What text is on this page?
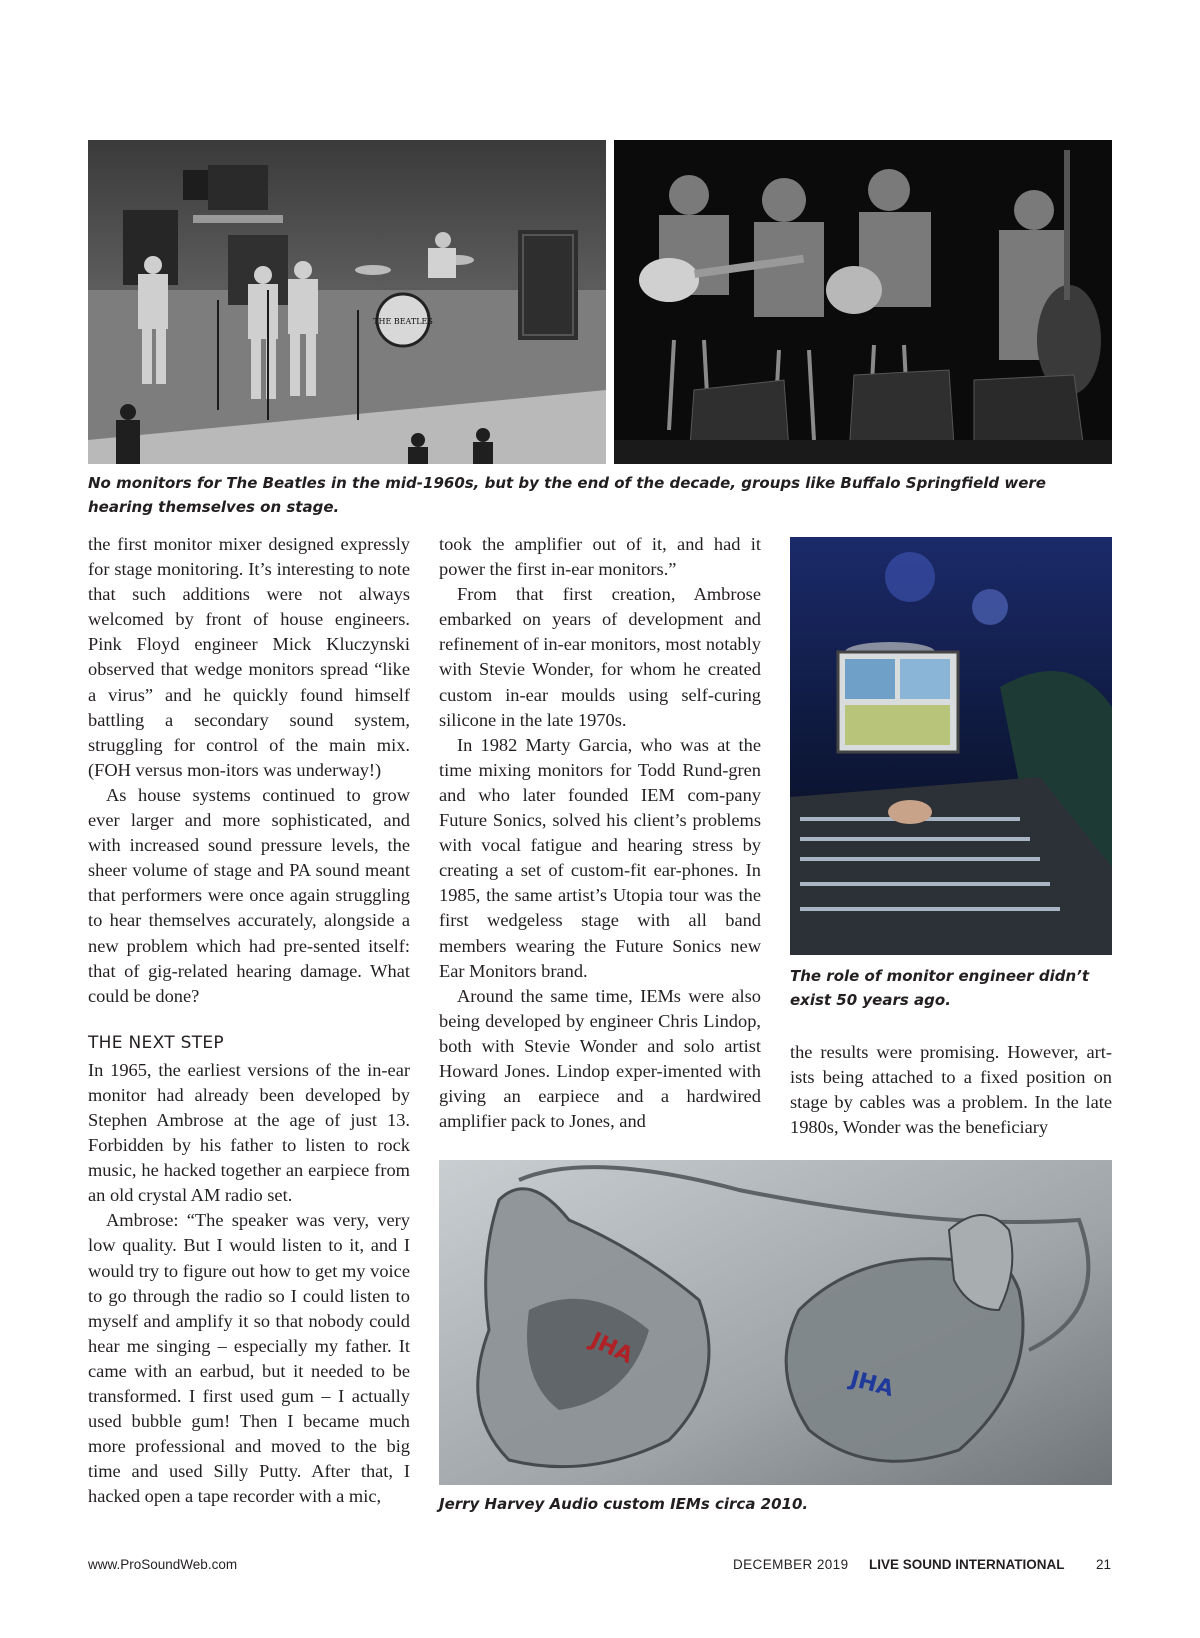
THE BEATLES

No monitors for The Beatles in the mid-1960s, but by the end of the decade, groups like Buffalo Springfield were hearing themselves on stage.

the first monitor mixer designed expressly for stage monitoring. It’s interesting to note that such additions were not always welcomed by front of house engineers. Pink Floyd engineer Mick Kluczynski observed that wedge monitors spread “like a virus” and he quickly found himself battling a secondary sound system, struggling for control of the main mix. (FOH versus mon-itors was underway!)

As house systems continued to grow ever larger and more sophisticated, and with increased sound pressure levels, the sheer volume of stage and PA sound meant that performers were once again struggling to hear themselves accurately, alongside a new problem which had pre-sented itself: that of gig-related hearing damage. What could be done?

THE NEXT STEP

In 1965, the earliest versions of the in-ear monitor had already been developed by Stephen Ambrose at the age of just 13. Forbidden by his father to listen to rock music, he hacked together an earpiece from an old crystal AM radio set.

Ambrose: “The speaker was very, very low quality. But I would listen to it, and I would try to figure out how to get my voice to go through the radio so I could listen to myself and amplify it so that nobody could hear me singing – especially my father. It came with an earbud, but it needed to be transformed. I first used gum – I actually used bubble gum! Then I became much more professional and moved to the big time and used Silly Putty. After that, I hacked open a tape recorder with a mic,

took the amplifier out of it, and had it power the first in-ear monitors.”

From that first creation, Ambrose embarked on years of development and refinement of in-ear monitors, most notably with Stevie Wonder, for whom he created custom in-ear moulds using self-curing silicone in the late 1970s.

In 1982 Marty Garcia, who was at the time mixing monitors for Todd Rund-gren and who later founded IEM com-pany Future Sonics, solved his client’s problems with vocal fatigue and hearing stress by creating a set of custom-fit ear-phones. In 1985, the same artist’s Utopia tour was the first wedgeless stage with all band members wearing the Future Sonics new Ear Monitors brand.

Around the same time, IEMs were also being developed by engineer Chris Lindop, both with Stevie Wonder and solo artist Howard Jones. Lindop exper-imented with giving an earpiece and a hardwired amplifier pack to Jones, and

The role of monitor engineer didn’t exist 50 years ago.

the results were promising. However, art-ists being attached to a fixed position on stage by cables was a problem. In the late 1980s, Wonder was the beneficiary

JHA
JHA

Jerry Harvey Audio custom IEMs circa 2010.

www.ProSoundWeb.com	DECEMBER 2019 LIVE SOUND INTERNATIONAL 21
